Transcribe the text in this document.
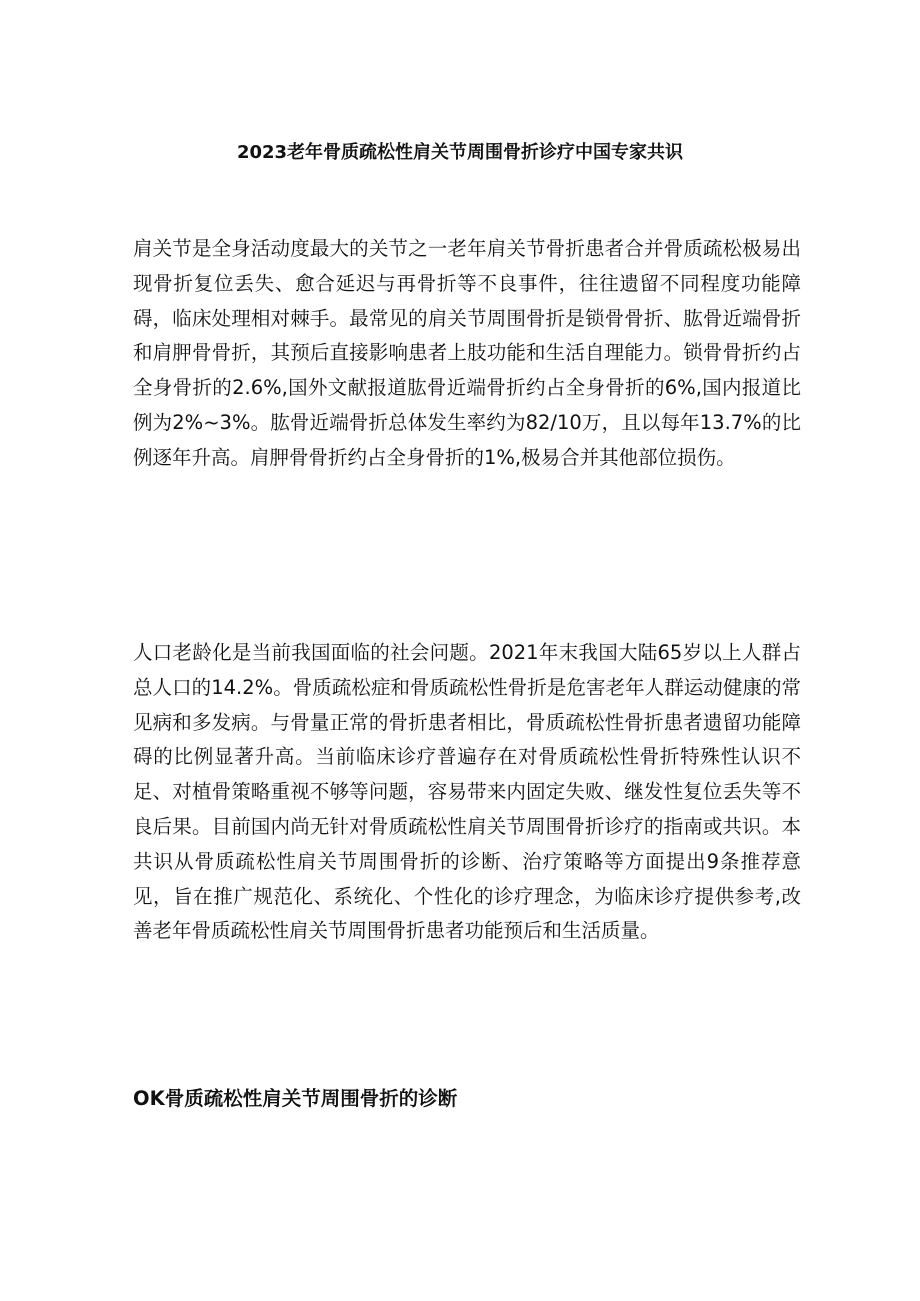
2023老年骨质疏松性肩关节周围骨折诊疗中国专家共识

肩关节是全身活动度最大的关节之一老年肩关节骨折患者合并骨质疏松极易出现骨折复位丢失、愈合延迟与再骨折等不良事件，往往遗留不同程度功能障碍，临床处理相对棘手。最常见的肩关节周围骨折是锁骨骨折、肱骨近端骨折和肩胛骨骨折，其预后直接影响患者上肢功能和生活自理能力。锁骨骨折约占全身骨折的2.6%,国外文献报道肱骨近端骨折约占全身骨折的6%,国内报道比例为2%~3%。肱骨近端骨折总体发生率约为82/10万，且以每年13.7%的比例逐年升高。肩胛骨骨折约占全身骨折的1%,极易合并其他部位损伤。

人口老龄化是当前我国面临的社会问题。2021年末我国大陆65岁以上人群占总人口的14.2%。骨质疏松症和骨质疏松性骨折是危害老年人群运动健康的常见病和多发病。与骨量正常的骨折患者相比，骨质疏松性骨折患者遗留功能障碍的比例显著升高。当前临床诊疗普遍存在对骨质疏松性骨折特殊性认识不足、对植骨策略重视不够等问题，容易带来内固定失败、继发性复位丢失等不良后果。目前国内尚无针对骨质疏松性肩关节周围骨折诊疗的指南或共识。本共识从骨质疏松性肩关节周围骨折的诊断、治疗策略等方面提出9条推荐意见，旨在推广规范化、系统化、个性化的诊疗理念，为临床诊疗提供参考,改善老年骨质疏松性肩关节周围骨折患者功能预后和生活质量。

OK骨质疏松性肩关节周围骨折的诊断
